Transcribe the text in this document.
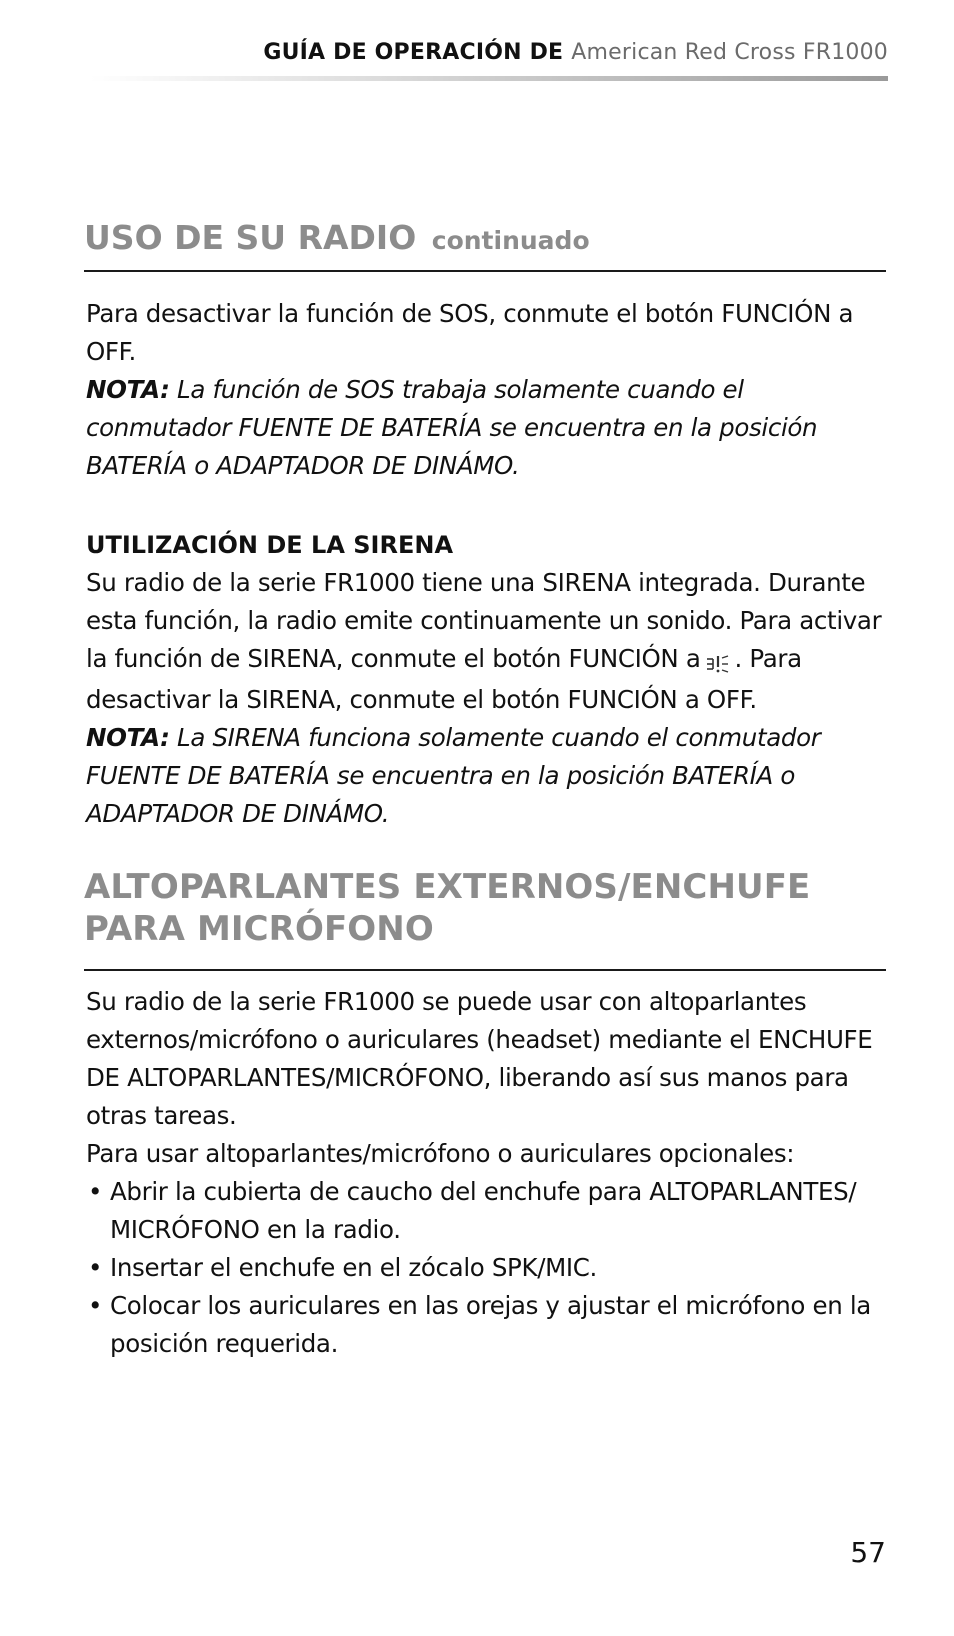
GUÍA DE OPERACIÓN DE American Red Cross FR1000
USO DE SU RADIO continuado

Para desactivar la función de SOS, conmute el botón FUNCIÓN a OFF.

NOTA: La función de SOS trabaja solamente cuando el conmutador FUENTE DE BATERÍA se encuentra en la posición BATERÍA o ADAPTADOR DE DINÁMO.

UTILIZACIÓN DE LA SIRENA

Su radio de la serie FR1000 tiene una SIRENA integrada. Durante esta función, la radio emite continuamente un sonido. Para activar la función de SIRENA, conmute el botón FUNCIÓN a . Para desactivar la SIRENA, conmute el botón FUNCIÓN a OFF.

NOTA: La SIRENA funciona solamente cuando el conmutador FUENTE DE BATERÍA se encuentra en la posición BATERÍA o ADAPTADOR DE DINÁMO.

ALTOPARLANTES EXTERNOS/ENCHUFE PARA MICRÓFONO

Su radio de la serie FR1000 se puede usar con altoparlantes externos/micrófono o auriculares (headset) mediante el ENCHUFE DE ALTOPARLANTES/MICRÓFONO, liberando así sus manos para otras tareas.

Para usar altoparlantes/micrófono o auriculares opcionales:

• Abrir la cubierta de caucho del enchufe para ALTOPARLANTES/ MICRÓFONO en la radio.
• Insertar el enchufe en el zócalo SPK/MIC.
• Colocar los auriculares en las orejas y ajustar el micrófono en la posición requerida.
57
